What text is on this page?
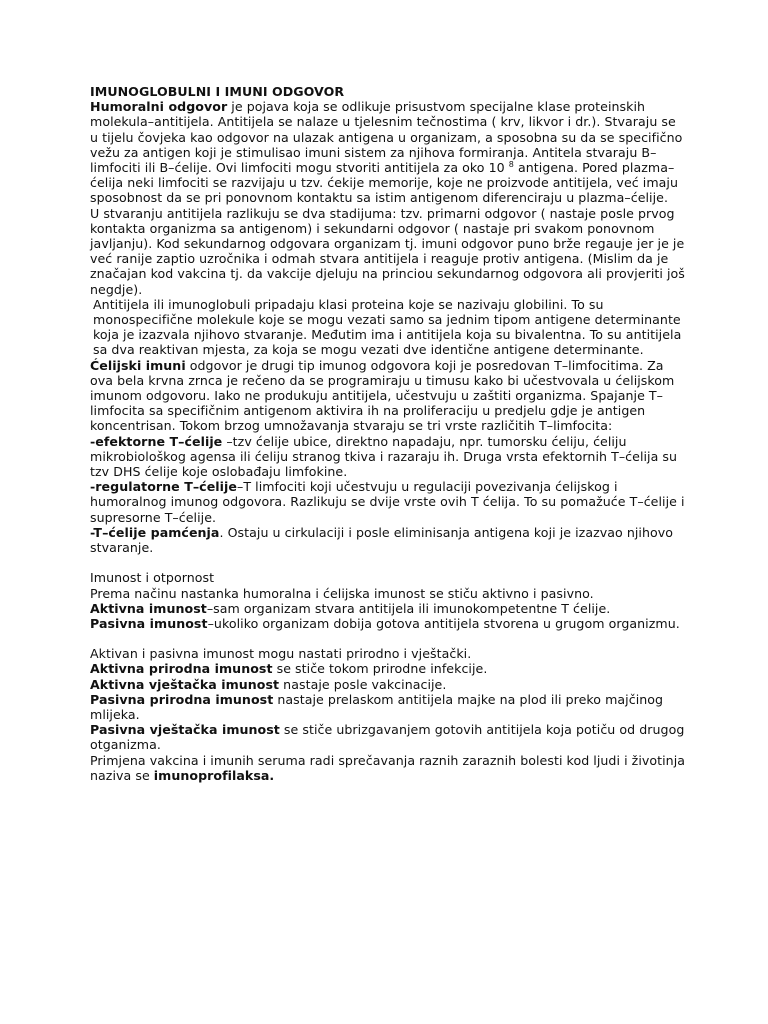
IMUNOGLOBULNI I IMUNI ODGOVOR

Humoralni odgovor je pojava koja se odlikuje prisustvom specijalne klase proteinskih molekula–antitijela. Antitijela se nalaze u tjelesnim tečnostima ( krv, likvor i dr.). Stvaraju se u tijelu čovjeka kao odgovor na ulazak antigena u organizam, a sposobna su da se specifično vežu za antigen koji je stimulisao imuni sistem za njihova formiranja. Antitela stvaraju B–limfociti ili B–ćelije. Ovi limfociti mogu stvoriti antitijela za oko 10 $^8$ antigena. Pored plazma–ćelija neki limfociti se razvijaju u tzv. ćekije memorije, koje ne proizvode antitijela, već imaju sposobnost da se pri ponovnom kontaktu sa istim antigenom diferenciraju u plazma–ćelije.

U stvaranju antitijela razlikuju se dva stadijuma: tzv. primarni odgovor ( nastaje posle prvog kontakta organizma sa antigenom) i sekundarni odgovor ( nastaje pri svakom ponovnom javljanju). Kod sekundarnog odgovara organizam tj. imuni odgovor puno brže regauje jer je je već ranije zaptio uzročnika i odmah stvara antitijela i reaguje protiv antigena. (Mislim da je značajan kod vakcina tj. da vakcije djeluju na princiou sekundarnog odgovora ali provjeriti još negdje).

Antitijela ili imunoglobuli pripadaju klasi proteina koje se nazivaju globilini. To su monospecifične molekule koje se mogu vezati samo sa jednim tipom antigene determinante koja je izazvala njihovo stvaranje. Međutim ima i antitijela koja su bivalentna. To su antitijela sa dva reaktivan mjesta, za koja se mogu vezati dve identične antigene determinante.

Ćelijski imuni odgovor je drugi tip imunog odgovora koji je posredovan T–limfocitima. Za ova bela krvna zrnca je rečeno da se programiraju u timusu kako bi učestvovala u ćelijskom imunom odgovoru. Iako ne produkuju antitijela, učestvuju u zaštiti organizma. Spajanje T–limfocita sa specifičnim antigenom aktivira ih na proliferaciju u predjelu gdje je antigen koncentrisan. Tokom brzog umnožavanja stvaraju se tri vrste različitih T–limfocita:

-efektorne T–ćelije –tzv ćelije ubice, direktno napadaju, npr. tumorsku ćeliju, ćeliju mikrobiološkog agensa ili ćeliju stranog tkiva i razaraju ih. Druga vrsta efektornih T–ćelija su tzv DHS ćelije koje oslobađaju limfokine.

-regulatorne T–ćelije–T limfociti koji učestvuju u regulaciji povezivanja ćelijskog i humoralnog imunog odgovora. Razlikuju se dvije vrste ovih T ćelija. To su pomažuće T–ćelije i supresorne T–ćelije.

-T–ćelije pamćenja. Ostaju u cirkulaciji i posle eliminisanja antigena koji je izazvao njihovo stvaranje.

Imunost i otpornost

Prema načinu nastanka humoralna i ćelijska imunost se stiču aktivno i pasivno.

Aktivna imunost–sam organizam stvara antitijela ili imunokompetentne T ćelije.

Pasivna imunost–ukoliko organizam dobija gotova antitijela stvorena u grugom organizmu.

Aktivan i pasivna imunost mogu nastati prirodno i vještački.

Aktivna prirodna imunost se stiče tokom prirodne infekcije.

Aktivna vještačka imunost nastaje posle vakcinacije.

Pasivna prirodna imunost nastaje prelaskom antitijela majke na plod ili preko majčinog mlijeka.

Pasivna vještačka imunost se stiče ubrizgavanjem gotovih antitijela koja potiču od drugog otganizma.

Primjena vakcina i imunih seruma radi sprečavanja raznih zaraznih bolesti kod ljudi i životinja naziva se imunoprofilaksa.
